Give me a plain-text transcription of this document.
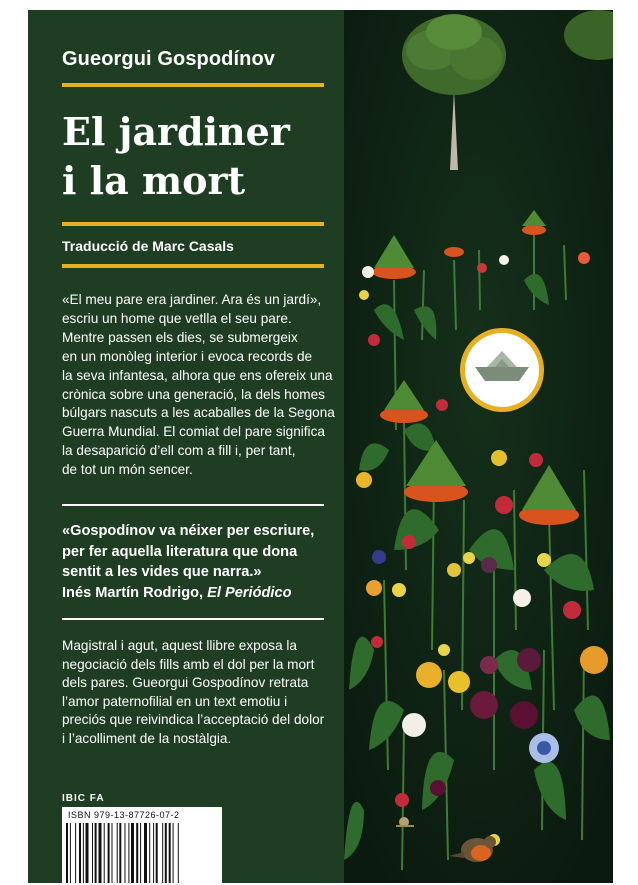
Gueorgui Gospodínov
El jardiner
i la mort
Traducció de Marc Casals
«El meu pare era jardiner. Ara és un jardí»,
escriu un home que vetlla el seu pare.
Mentre passen els dies, se submergeix
en un monòleg interior i evoca records de
la seva infantesa, alhora que ens ofereix una
crònica sobre una generació, la dels homes
búlgars nascuts a les acaballes de la Segona
Guerra Mundial. El comiat del pare significa
la desaparició d’ell com a fill i, per tant,
de tot un món sencer.
«Gospodínov va néixer per escriure,
per fer aquella literatura que dona
sentit a les vides que narra.»
Inés Martín Rodrigo, El Periódico
Magistral i agut, aquest llibre exposa la
negociació dels fills amb el dol per la mort
dels pares. Gueorgui Gospodínov retrata
l’amor paternofilial en un text emotiu i
preciós que reivindica l’acceptació del dolor
i l’acolliment de la nostàlgia.
IBIC FA
ISBN 979-13-87726-07-2
